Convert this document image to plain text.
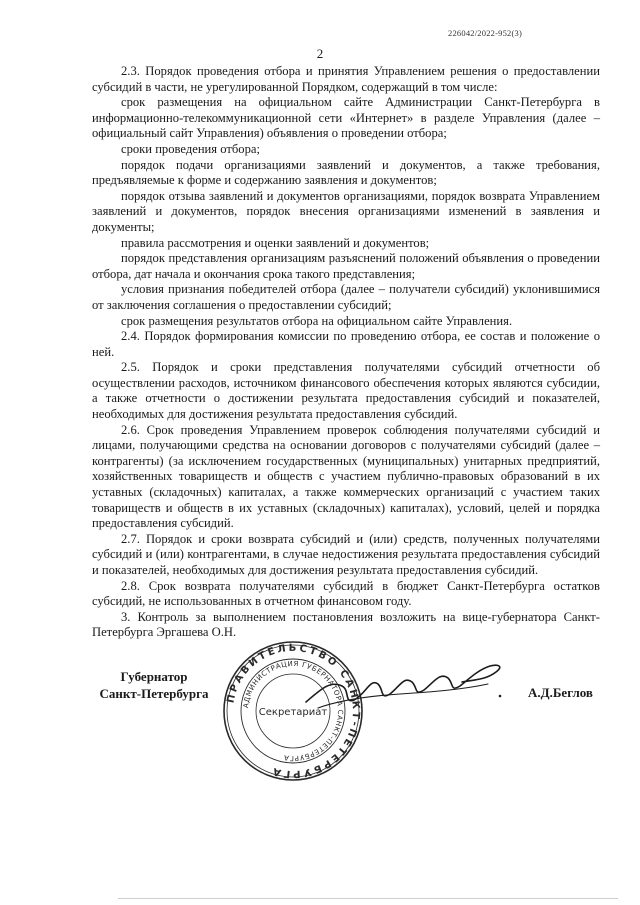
226042/2022-952(3)
2

2.3. Порядок проведения отбора и принятия Управлением решения о предоставлении субсидий в части, не урегулированной Порядком, содержащий в том числе:

срок размещения на официальном сайте Администрации Санкт-Петербурга в информационно-телекоммуникационной сети «Интернет» в разделе Управления (далее – официальный сайт Управления) объявления о проведении отбора;

сроки проведения отбора;

порядок подачи организациями заявлений и документов, а также требования, предъявляемые к форме и содержанию заявления и документов;

порядок отзыва заявлений и документов организациями, порядок возврата Управлением заявлений и документов, порядок внесения организациями изменений в заявления и документы;

правила рассмотрения и оценки заявлений и документов;

порядок представления организациям разъяснений положений объявления о проведении отбора, дат начала и окончания срока такого представления;

условия признания победителей отбора (далее – получатели субсидий) уклонившимися от заключения соглашения о предоставлении субсидий;

срок размещения результатов отбора на официальном сайте Управления.

2.4. Порядок формирования комиссии по проведению отбора, ее состав и положение о ней.

2.5. Порядок и сроки представления получателями субсидий отчетности об осуществлении расходов, источником финансового обеспечения которых являются субсидии, а также отчетности о достижении результата предоставления субсидий и показателей, необходимых для достижения результата предоставления субсидий.

2.6. Срок проведения Управлением проверок соблюдения получателями субсидий и лицами, получающими средства на основании договоров с получателями субсидий (далее – контрагенты) (за исключением государственных (муниципальных) унитарных предприятий, хозяйственных товариществ и обществ с участием публично-правовых образований в их уставных (складочных) капиталах, а также коммерческих организаций с участием таких товариществ и обществ в их уставных (складочных) капиталах), условий, целей и порядка предоставления субсидий.

2.7. Порядок и сроки возврата субсидий и (или) средств, полученных получателями субсидий и (или) контрагентами, в случае недостижения результата предоставления субсидий и показателей, необходимых для достижения результата предоставления субсидий.

2.8. Срок возврата получателями субсидий в бюджет Санкт-Петербурга остатков субсидий, не использованных в отчетном финансовом году.

3. Контроль за выполнением постановления возложить на вице-губернатора Санкт-Петербурга Эргашева О.Н.

Губернатор
Санкт-Петербурга	ПРАВИТЕЛЬСТВО САНКТ-ПЕТЕРБУРГА
АДМИНИСТРАЦИЯ ГУБЕРНАТОРА САНКТ-ПЕТЕРБУРГА
Секретариат
А.Д.Беглов
